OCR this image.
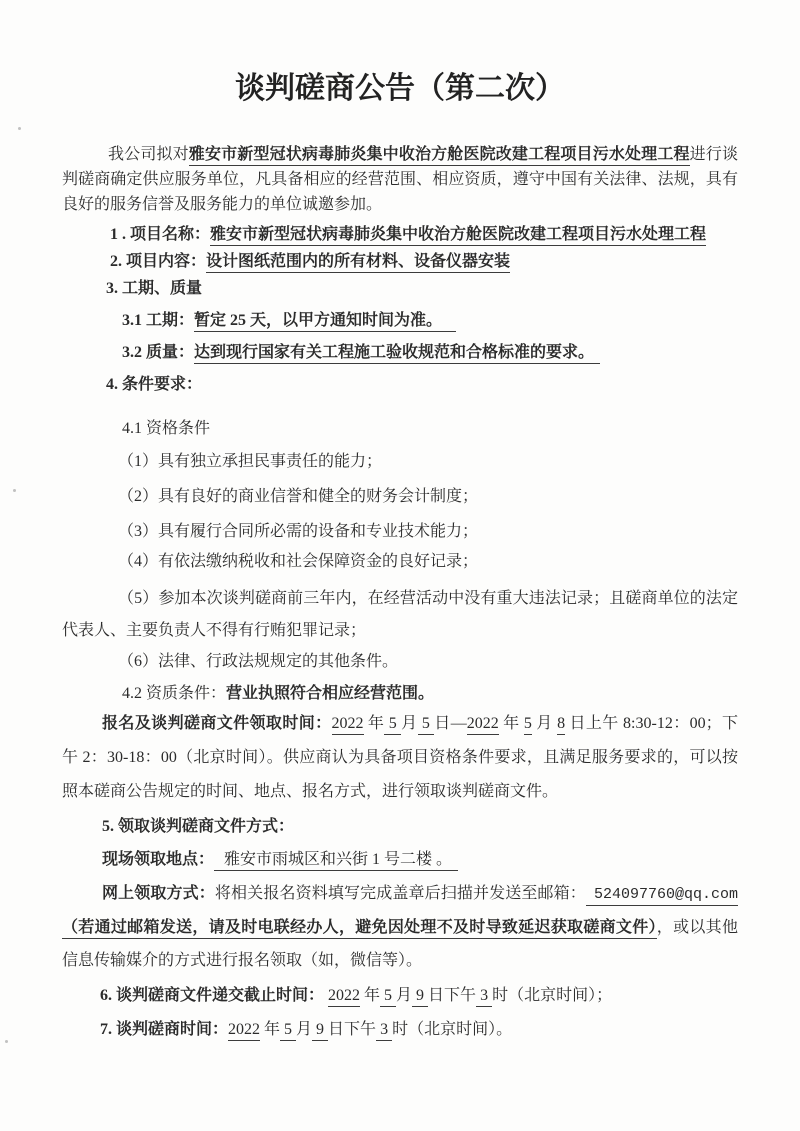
谈判磋商公告（第二次）

我公司拟对雅安市新型冠状病毒肺炎集中收治方舱医院改建工程项目污水处理工程进行谈判磋商确定供应服务单位，凡具备相应的经营范围、相应资质，遵守中国有关法律、法规，具有良好的服务信誉及服务能力的单位诚邀参加。

1 . 项目名称：雅安市新型冠状病毒肺炎集中收治方舱医院改建工程项目污水处理工程
2. 项目内容：设计图纸范围内的所有材料、设备仪器安装
3. 工期、质量
3.1 工期：暂定 25 天，以甲方通知时间为准。
3.2 质量：达到现行国家有关工程施工验收规范和合格标准的要求。
4. 条件要求：
4.1 资格条件
（1）具有独立承担民事责任的能力；
（2）具有良好的商业信誉和健全的财务会计制度；
（3）具有履行合同所必需的设备和专业技术能力；
（4）有依法缴纳税收和社会保障资金的良好记录；

（5）参加本次谈判磋商前三年内，在经营活动中没有重大违法记录；且磋商单位的法定代表人、主要负责人不得有行贿犯罪记录；

（6）法律、行政法规规定的其他条件。
4.2 资质条件：营业执照符合相应经营范围。

报名及谈判磋商文件领取时间：2022 年 5 月 5 日—2022 年 5 月 8 日上午 8:30-12：00；下午 2：30-18：00（北京时间）。供应商认为具备项目资格条件要求，且满足服务要求的，可以按照本磋商公告规定的时间、地点、报名方式，进行领取谈判磋商文件。

5. 领取谈判磋商文件方式：
现场领取地点： 雅安市雨城区和兴街 1 号二楼 。

网上领取方式：将相关报名资料填写完成盖章后扫描并发送至邮箱： 524097760@qq.com（若通过邮箱发送，请及时电联经办人，避免因处理不及时导致延迟获取磋商文件），或以其他信息传输媒介的方式进行报名领取（如，微信等）。

6. 谈判磋商文件递交截止时间： 2022 年 5 月 9 日下午 3 时（北京时间）；
7. 谈判磋商时间：2022 年 5 月 9 日下午 3 时（北京时间）。
